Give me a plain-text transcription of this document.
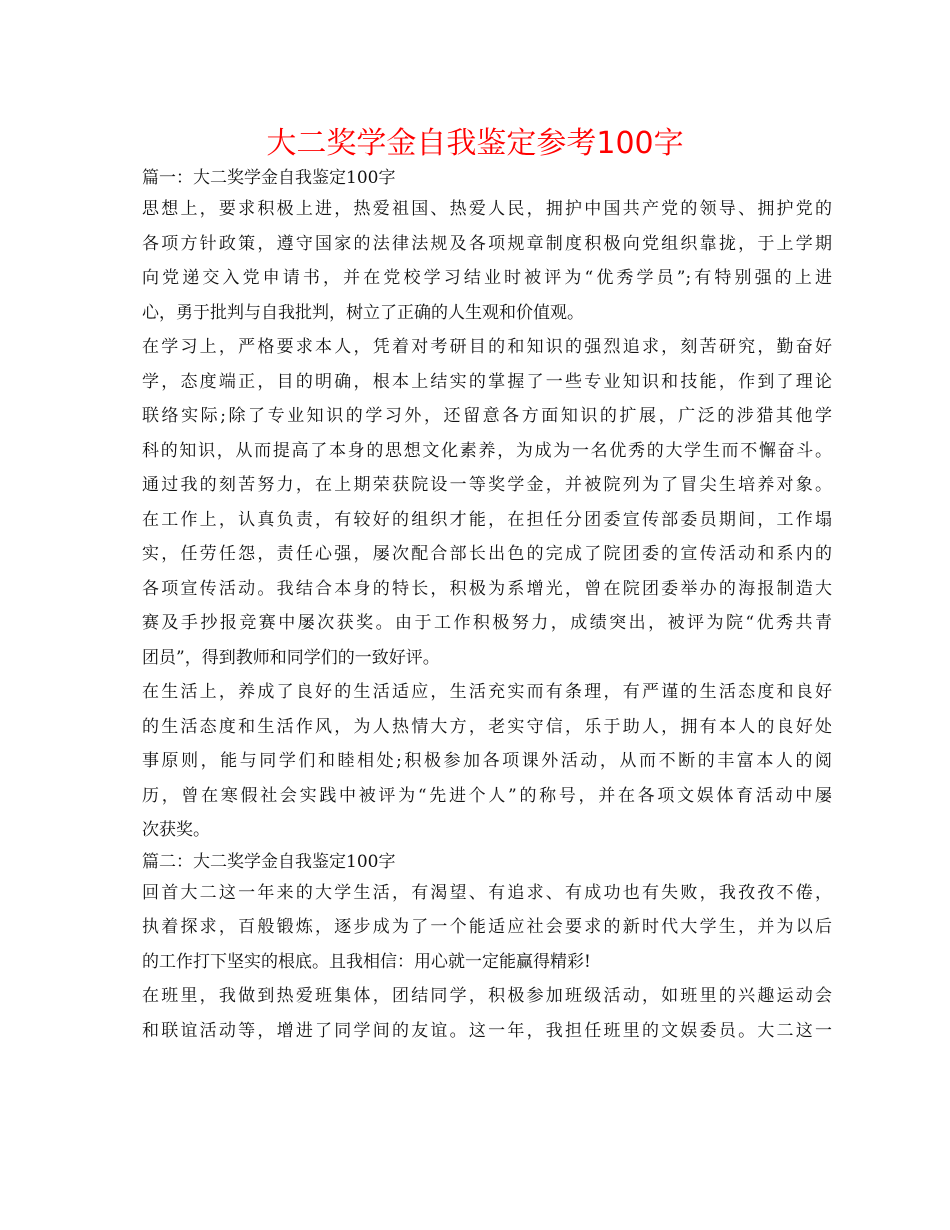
大二奖学金自我鉴定参考100字
篇一：大二奖学金自我鉴定100字
思想上，要求积极上进，热爱祖国、热爱人民，拥护中国共产党的领导、拥护党的
各项方针政策，遵守国家的法律法规及各项规章制度积极向党组织靠拢，于上学期
向党递交入党申请书，并在党校学习结业时被评为“优秀学员”;有特别强的上进
心，勇于批判与自我批判，树立了正确的人生观和价值观。
在学习上，严格要求本人，凭着对考研目的和知识的强烈追求，刻苦研究，勤奋好
学，态度端正，目的明确，根本上结实的掌握了一些专业知识和技能，作到了理论
联络实际;除了专业知识的学习外，还留意各方面知识的扩展，广泛的涉猎其他学
科的知识，从而提高了本身的思想文化素养，为成为一名优秀的大学生而不懈奋斗。
通过我的刻苦努力，在上期荣获院设一等奖学金，并被院列为了冒尖生培养对象。
在工作上，认真负责，有较好的组织才能，在担任分团委宣传部委员期间，工作塌
实，任劳任怨，责任心强，屡次配合部长出色的完成了院团委的宣传活动和系内的
各项宣传活动。我结合本身的特长，积极为系增光，曾在院团委举办的海报制造大
赛及手抄报竞赛中屡次获奖。由于工作积极努力，成绩突出，被评为院“优秀共青
团员”，得到教师和同学们的一致好评。
在生活上，养成了良好的生活适应，生活充实而有条理，有严谨的生活态度和良好
的生活态度和生活作风，为人热情大方，老实守信，乐于助人，拥有本人的良好处
事原则，能与同学们和睦相处;积极参加各项课外活动，从而不断的丰富本人的阅
历，曾在寒假社会实践中被评为“先进个人”的称号，并在各项文娱体育活动中屡
次获奖。
篇二：大二奖学金自我鉴定100字
回首大二这一年来的大学生活，有渴望、有追求、有成功也有失败，我孜孜不倦，
执着探求，百般锻炼，逐步成为了一个能适应社会要求的新时代大学生，并为以后
的工作打下坚实的根底。且我相信：用心就一定能赢得精彩!
在班里，我做到热爱班集体，团结同学，积极参加班级活动，如班里的兴趣运动会
和联谊活动等，增进了同学间的友谊。这一年，我担任班里的文娱委员。大二这一
